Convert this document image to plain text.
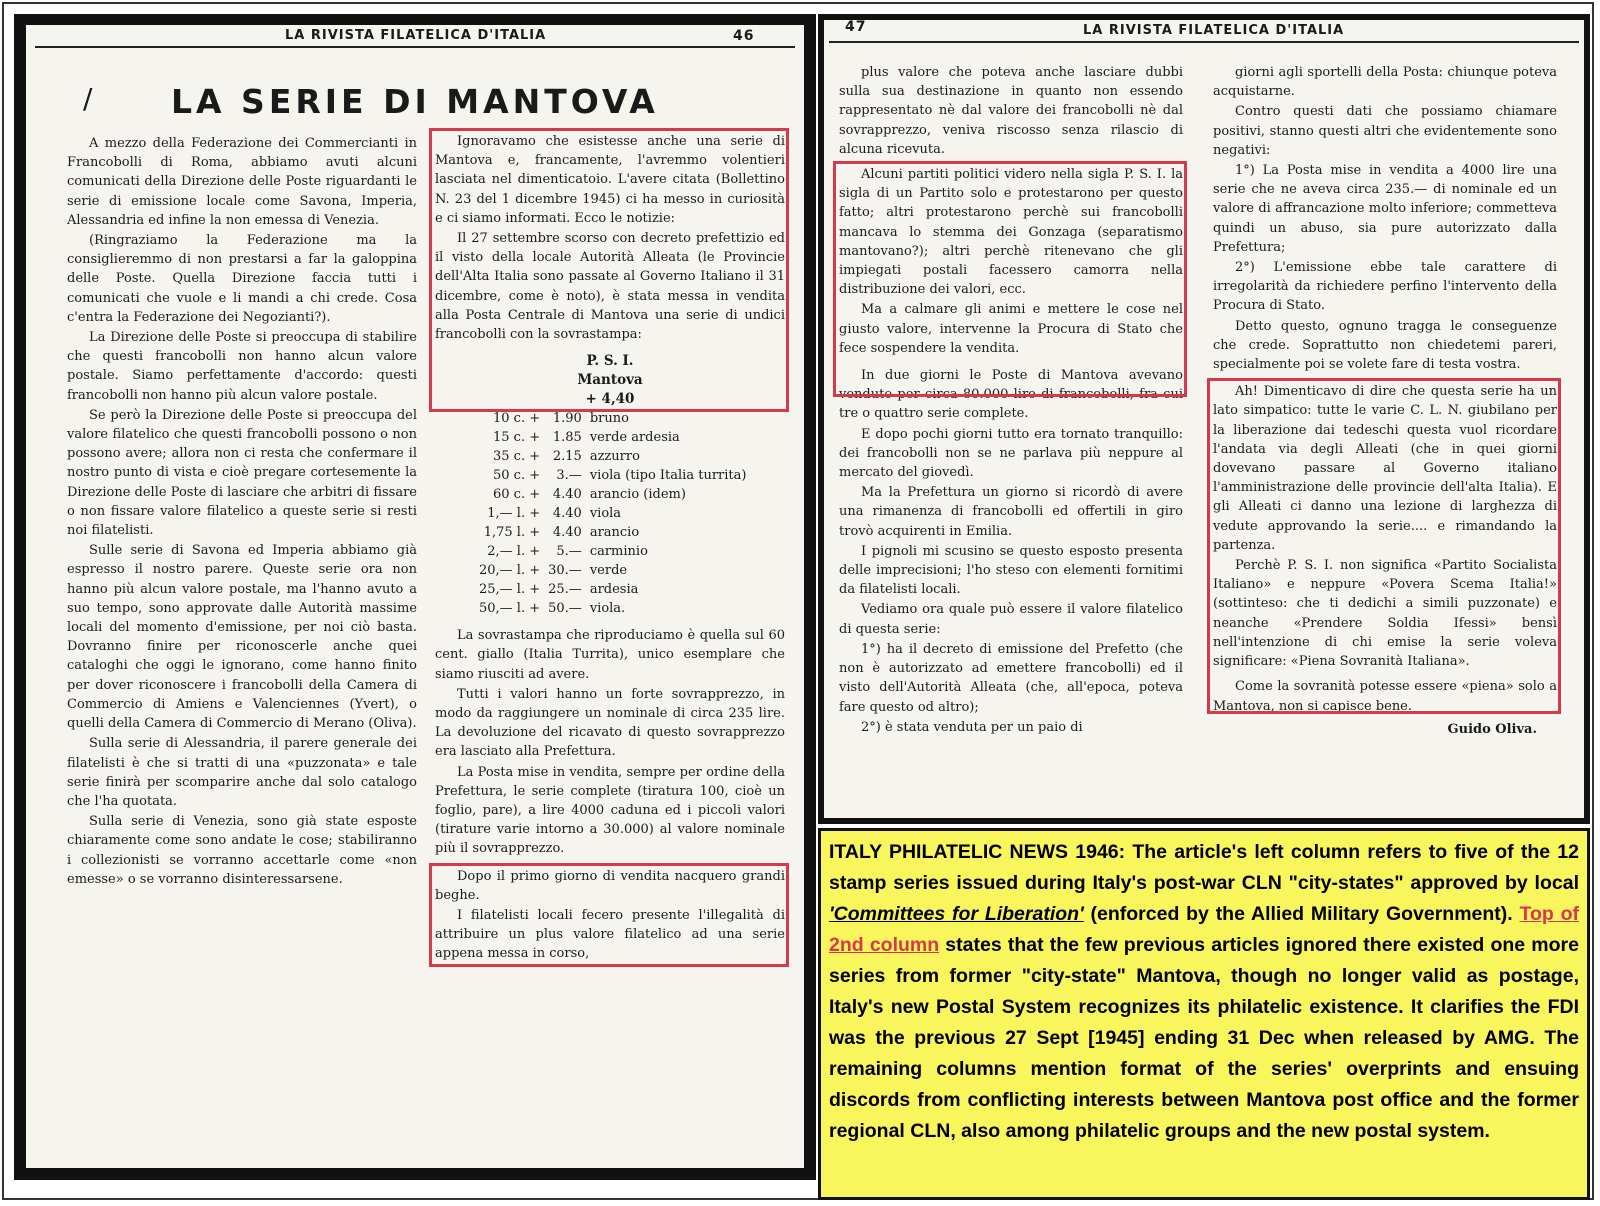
LA RIVISTA FILATELICA D'ITALIA	46
/ LA SERIE DI MANTOVA

A mezzo della Federazione dei Commercianti in Francobolli di Roma, abbiamo avuti alcuni comunicati della Direzione delle Poste riguardanti le serie di emissione locale come Savona, Imperia, Alessandria ed infine la non emessa di Venezia.

(Ringraziamo la Federazione ma la consiglieremmo di non prestarsi a far la galoppina delle Poste. Quella Direzione faccia tutti i comunicati che vuole e li mandi a chi crede. Cosa c'entra la Federazione dei Negozianti?).

La Direzione delle Poste si preoccupa di stabilire che questi francobolli non hanno alcun valore postale. Siamo perfettamente d'accordo: questi francobolli non hanno più alcun valore postale.

Se però la Direzione delle Poste si preoccupa del valore filatelico che questi francobolli possono o non possono avere; allora non ci resta che confermare il nostro punto di vista e cioè pregare cortesemente la Direzione delle Poste di lasciare che arbitri di fissare o non fissare valore filatelico a queste serie si resti noi filatelisti.

Sulle serie di Savona ed Imperia abbiamo già espresso il nostro parere. Queste serie ora non hanno più alcun valore postale, ma l'hanno avuto a suo tempo, sono approvate dalle Autorità massime locali del momento d'emissione, per noi ciò basta. Dovranno finire per riconoscerle anche quei cataloghi che oggi le ignorano, come hanno finito per dover riconoscere i francobolli della Camera di Commercio di Amiens e Valenciennes (Yvert), o quelli della Camera di Commercio di Merano (Oliva).

Sulla serie di Alessandria, il parere generale dei filatelisti è che si tratti di una «puzzonata» e tale serie finirà per scomparire anche dal solo catalogo che l'ha quotata.

Sulla serie di Venezia, sono già state esposte chiaramente come sono andate le cose; stabiliranno i collezionisti se vorranno accettarle come «non emesse» o se vorranno disinteressarsene.

Ignoravamo che esistesse anche una serie di Mantova e, francamente, l'avremmo volentieri lasciata nel dimenticatoio. L'avere citata (Bollettino N. 23 del 1 dicembre 1945) ci ha messo in curiosità e ci siamo informati. Ecco le notizie:

Il 27 settembre scorso con decreto prefettizio ed il visto della locale Autorità Alleata (le Provincie dell'Alta Italia sono passate al Governo Italiano il 31 dicembre, come è noto), è stata messa in vendita alla Posta Centrale di Mantova una serie di undici francobolli con la sovrastampa:

P. S. I.
Mantova
+ 4,40
10 c. +	1.90	bruno
15 c. +	1.85	verde ardesia
35 c. +	2.15	azzurro
50 c. +	3.—	viola (tipo Italia turrita)
60 c. +	4.40	arancio (idem)
1,— l. +	4.40	viola
1,75 l. +	4.40	arancio
2,— l. +	5.—	carminio
20,— l. +	30.—	verde
25,— l. +	25.—	ardesia
50,— l. +	50.—	viola.

La sovrastampa che riproduciamo è quella sul 60 cent. giallo (Italia Turrita), unico esemplare che siamo riusciti ad avere.

Tutti i valori hanno un forte sovrapprezzo, in modo da raggiungere un nominale di circa 235 lire. La devoluzione del ricavato di questo sovrapprezzo era lasciato alla Prefettura.

La Posta mise in vendita, sempre per ordine della Prefettura, le serie complete (tiratura 100, cioè un foglio, pare), a lire 4000 caduna ed i piccoli valori (tirature varie intorno a 30.000) al valore nominale più il sovrapprezzo.

Dopo il primo giorno di vendita nacquero grandi beghe.

I filatelisti locali fecero presente l'illegalità di attribuire un plus valore filatelico ad una serie appena messa in corso,

47	LA RIVISTA FILATELICA D'ITALIA

plus valore che poteva anche lasciare dubbi sulla sua destinazione in quanto non essendo rappresentato nè dal valore dei francobolli nè dal sovrapprezzo, veniva riscosso senza rilascio di alcuna ricevuta.

Alcuni partiti politici videro nella sigla P. S. I. la sigla di un Partito solo e protestarono per questo fatto; altri protestarono perchè sui francobolli mancava lo stemma dei Gonzaga (separatismo mantovano?); altri perchè ritenevano che gli impiegati postali facessero camorra nella distribuzione dei valori, ecc.

Ma a calmare gli animi e mettere le cose nel giusto valore, intervenne la Procura di Stato che fece sospendere la vendita.

In due giorni le Poste di Mantova avevano venduto per circa 80.000 lire di francobolli, fra cui tre o quattro serie complete.

E dopo pochi giorni tutto era tornato tranquillo: dei francobolli non se ne parlava più neppure al mercato del giovedì.

Ma la Prefettura un giorno si ricordò di avere una rimanenza di francobolli ed offertili in giro trovò acquirenti in Emilia.

I pignoli mi scusino se questo esposto presenta delle imprecisioni; l'ho steso con elementi fornitimi da filatelisti locali.

Vediamo ora quale può essere il valore filatelico di questa serie:

1°) ha il decreto di emissione del Prefetto (che non è autorizzato ad emettere francobolli) ed il visto dell'Autorità Alleata (che, all'epoca, poteva fare questo od altro);

2°) è stata venduta per un paio di

giorni agli sportelli della Posta: chiunque poteva acquistarne.

Contro questi dati che possiamo chiamare positivi, stanno questi altri che evidentemente sono negativi:

1°) La Posta mise in vendita a 4000 lire una serie che ne aveva circa 235.— di nominale ed un valore di affrancazione molto inferiore; commetteva quindi un abuso, sia pure autorizzato dalla Prefettura;

2°) L'emissione ebbe tale carattere di irregolarità da richiedere perfino l'intervento della Procura di Stato.

Detto questo, ognuno tragga le conseguenze che crede. Soprattutto non chiedetemi pareri, specialmente poi se volete fare di testa vostra.

Ah! Dimenticavo di dire che questa serie ha un lato simpatico: tutte le varie C. L. N. giubilano per la liberazione dai tedeschi questa vuol ricordare l'andata via degli Alleati (che in quei giorni dovevano passare al Governo italiano l'amministrazione delle provincie dell'alta Italia). E gli Alleati ci danno una lezione di larghezza di vedute approvando la serie.... e rimandando la partenza.

Perchè P. S. I. non significa «Partito Socialista Italiano» e neppure «Povera Scema Italia!» (sottinteso: che ti dedichi a simili puzzonate) e neanche «Prendere Soldia Ifessi» bensì nell'intenzione di chi emise la serie voleva significare: «Piena Sovranità Italiana».

Come la sovranità potesse essere «piena» solo a Mantova, non si capisce bene.

Guido Oliva.
ITALY PHILATELIC NEWS 1946: The article's left column refers to five of the 12 stamp series issued during Italy's post-war CLN "city-states" approved by local 'Committees for Liberation' (enforced by the Allied Military Government). Top of 2nd column states that the few previous articles ignored there existed one more series from former "city-state" Mantova, though no longer valid as postage, Italy's new Postal System recognizes its philatelic existence. It clarifies the FDI was the previous 27 Sept [1945] ending 31 Dec when released by AMG. The remaining columns mention format of the series' overprints and ensuing discords from conflicting interests between Mantova post office and the former regional CLN, also among philatelic groups and the new postal system.
